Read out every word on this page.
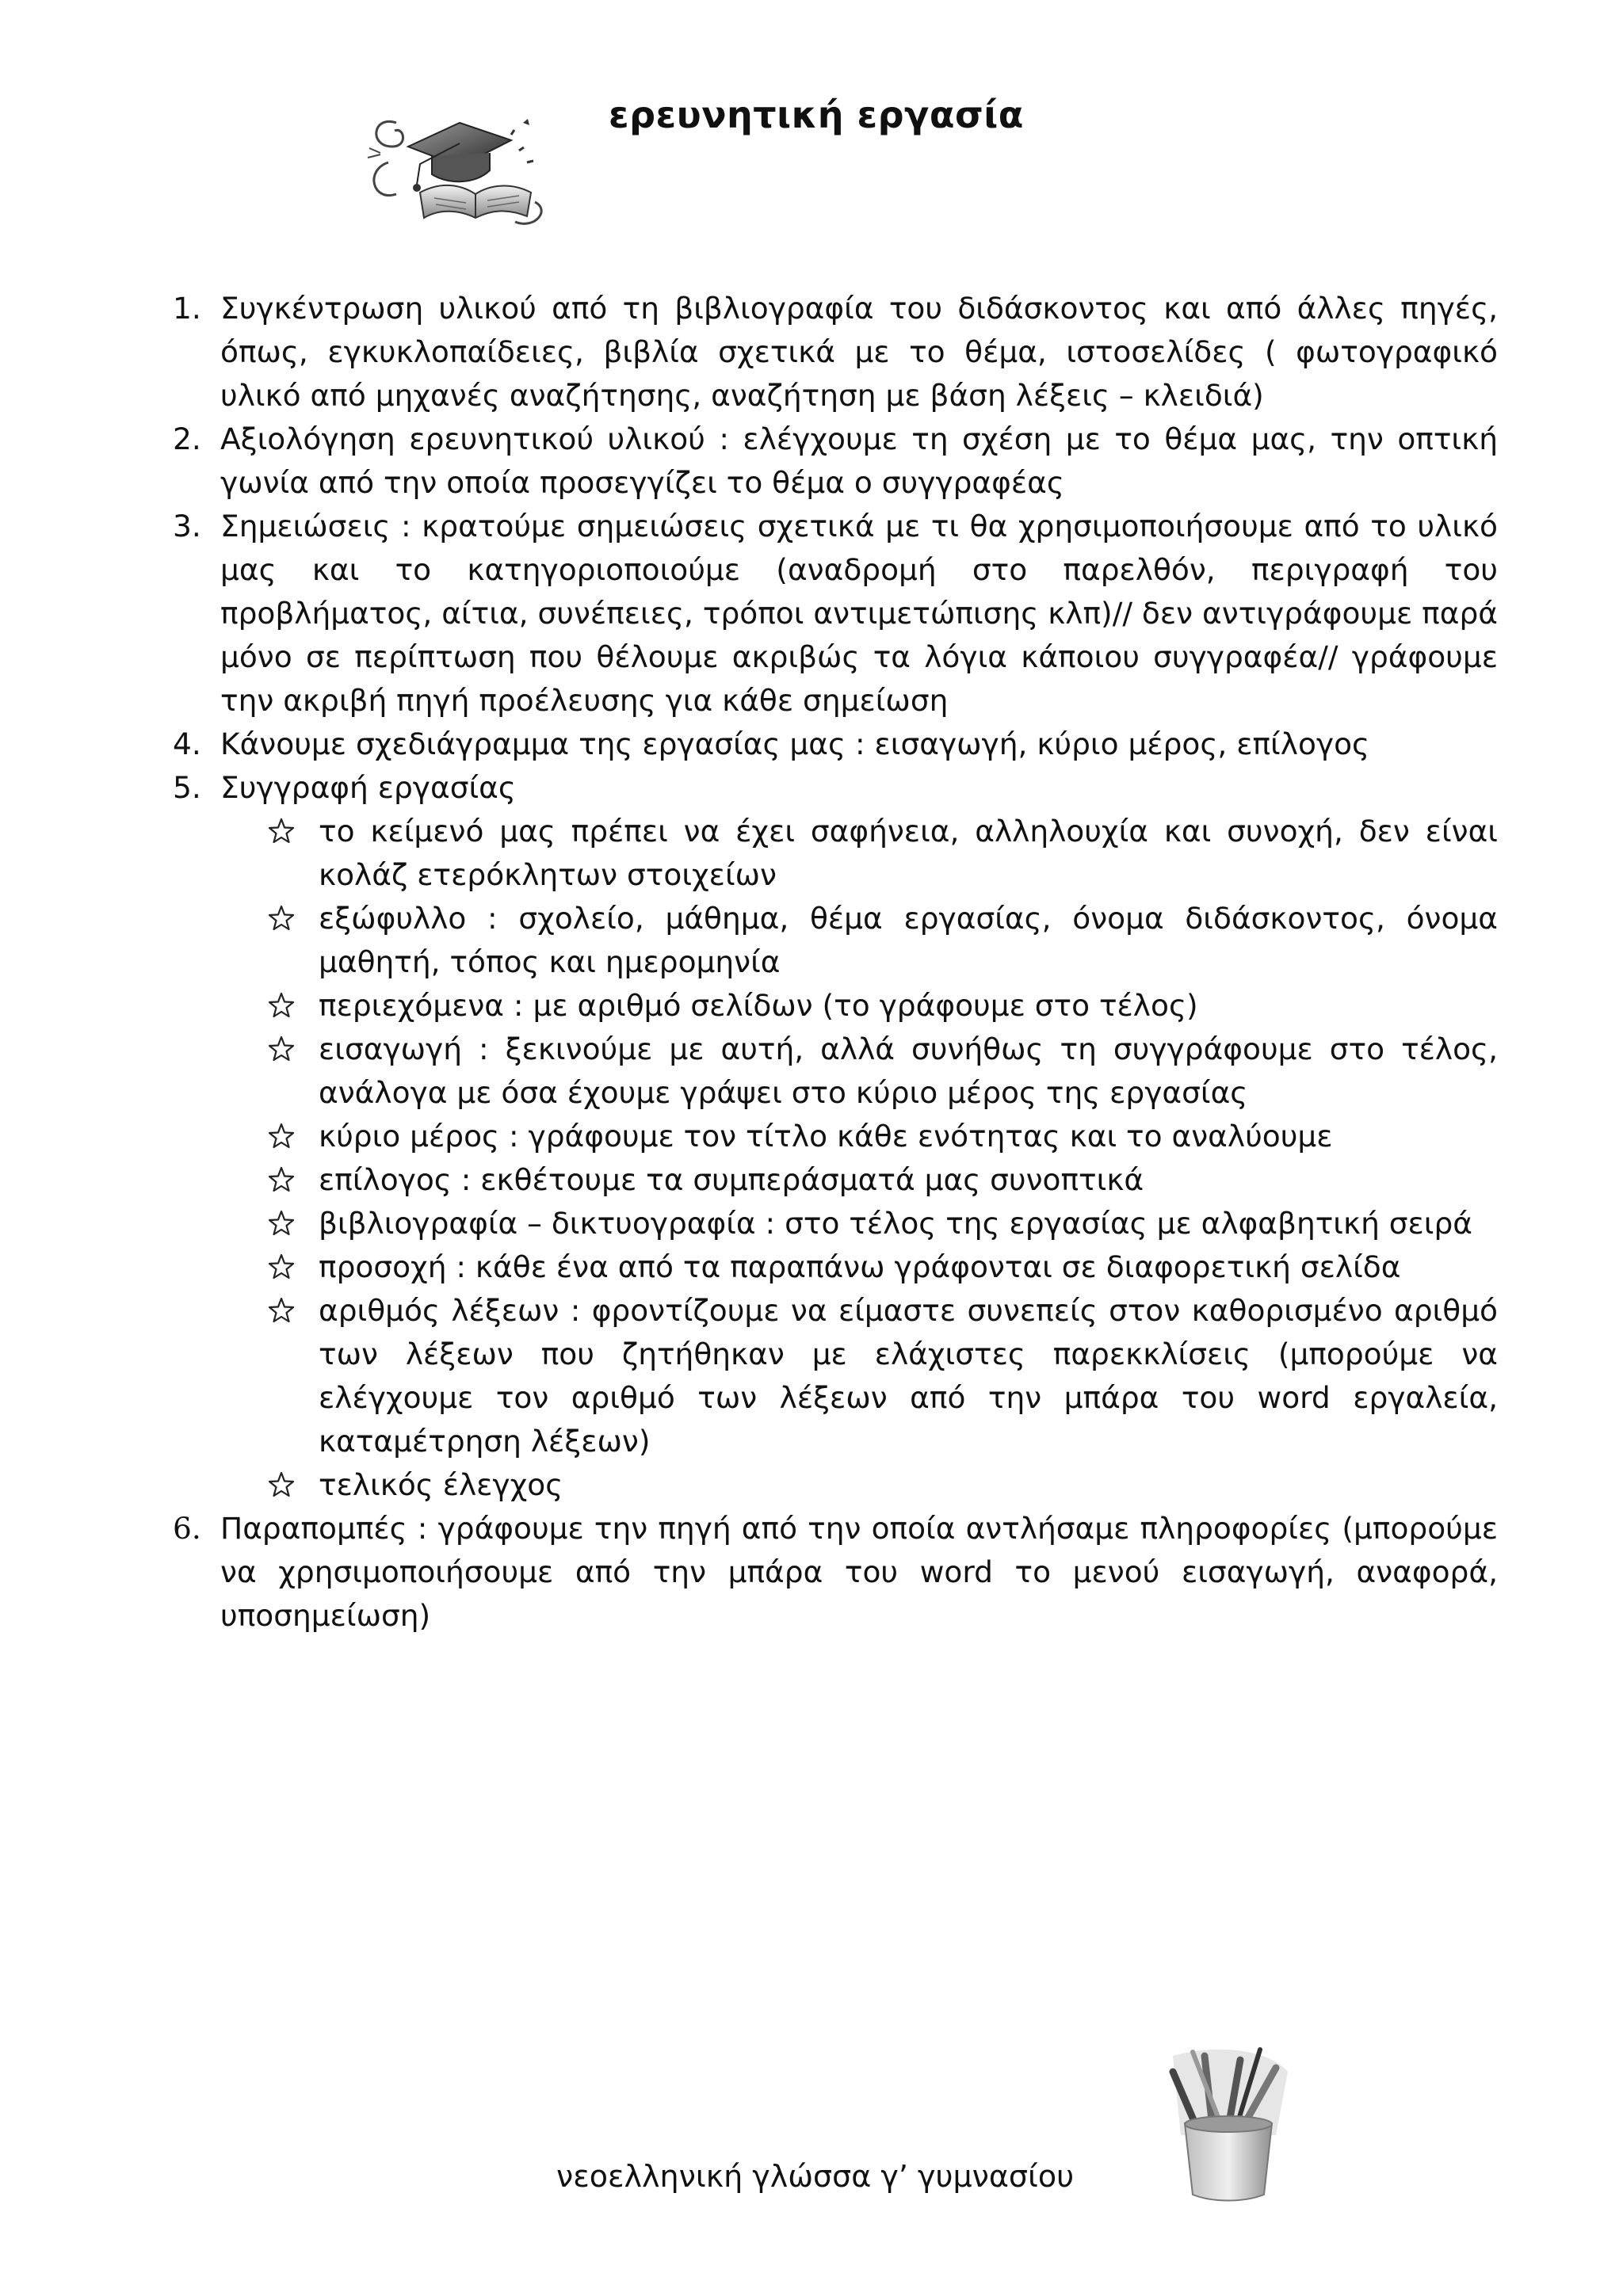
ερευνητική εργασία
1. Συγκέντρωση υλικού από τη βιβλιογραφία του διδάσκοντος και από άλλες πηγές, όπως, εγκυκλοπαίδειες, βιβλία σχετικά με το θέμα, ιστοσελίδες ( φωτογραφικό υλικό από μηχανές αναζήτησης, αναζήτηση με βάση λέξεις – κλειδιά)
2. Αξιολόγηση ερευνητικού υλικού : ελέγχουμε τη σχέση με το θέμα μας, την οπτική γωνία από την οποία προσεγγίζει το θέμα ο συγγραφέας
3. Σημειώσεις : κρατούμε σημειώσεις σχετικά με τι θα χρησιμοποιήσουμε από το υλικό μας και το κατηγοριοποιούμε (αναδρομή στο παρελθόν, περιγραφή του προβλήματος, αίτια, συνέπειες, τρόποι αντιμετώπισης κλπ)// δεν αντιγράφουμε παρά μόνο σε περίπτωση που θέλουμε ακριβώς τα λόγια κάποιου συγγραφέα// γράφουμε την ακριβή πηγή προέλευσης για κάθε σημείωση
4. Κάνουμε σχεδιάγραμμα της εργασίας μας : εισαγωγή, κύριο μέρος, επίλογος
5. Συγγραφή εργασίας
το κείμενό μας πρέπει να έχει σαφήνεια, αλληλουχία και συνοχή, δεν είναι κολάζ ετερόκλητων στοιχείων
εξώφυλλο : σχολείο, μάθημα, θέμα εργασίας, όνομα διδάσκοντος, όνομα μαθητή, τόπος και ημερομηνία
περιεχόμενα : με αριθμό σελίδων (το γράφουμε στο τέλος)
εισαγωγή : ξεκινούμε με αυτή, αλλά συνήθως τη συγγράφουμε στο τέλος, ανάλογα με όσα έχουμε γράψει στο κύριο μέρος της εργασίας
κύριο μέρος : γράφουμε τον τίτλο κάθε ενότητας και το αναλύουμε
επίλογος : εκθέτουμε τα συμπεράσματά μας συνοπτικά
βιβλιογραφία – δικτυογραφία : στο τέλος της εργασίας με αλφαβητική σειρά
προσοχή : κάθε ένα από τα παραπάνω γράφονται σε διαφορετική σελίδα
αριθμός λέξεων : φροντίζουμε να είμαστε συνεπείς στον καθορισμένο αριθμό των λέξεων που ζητήθηκαν με ελάχιστες παρεκκλίσεις (μπορούμε να ελέγχουμε τον αριθμό των λέξεων από την μπάρα του word εργαλεία, καταμέτρηση λέξεων)
τελικός έλεγχος
6. Παραπομπές : γράφουμε την πηγή από την οποία αντλήσαμε πληροφορίες (μπορούμε να χρησιμοποιήσουμε από την μπάρα του word το μενού εισαγωγή, αναφορά, υποσημείωση)

νεοελληνική γλώσσα γ’ γυμνασίου
